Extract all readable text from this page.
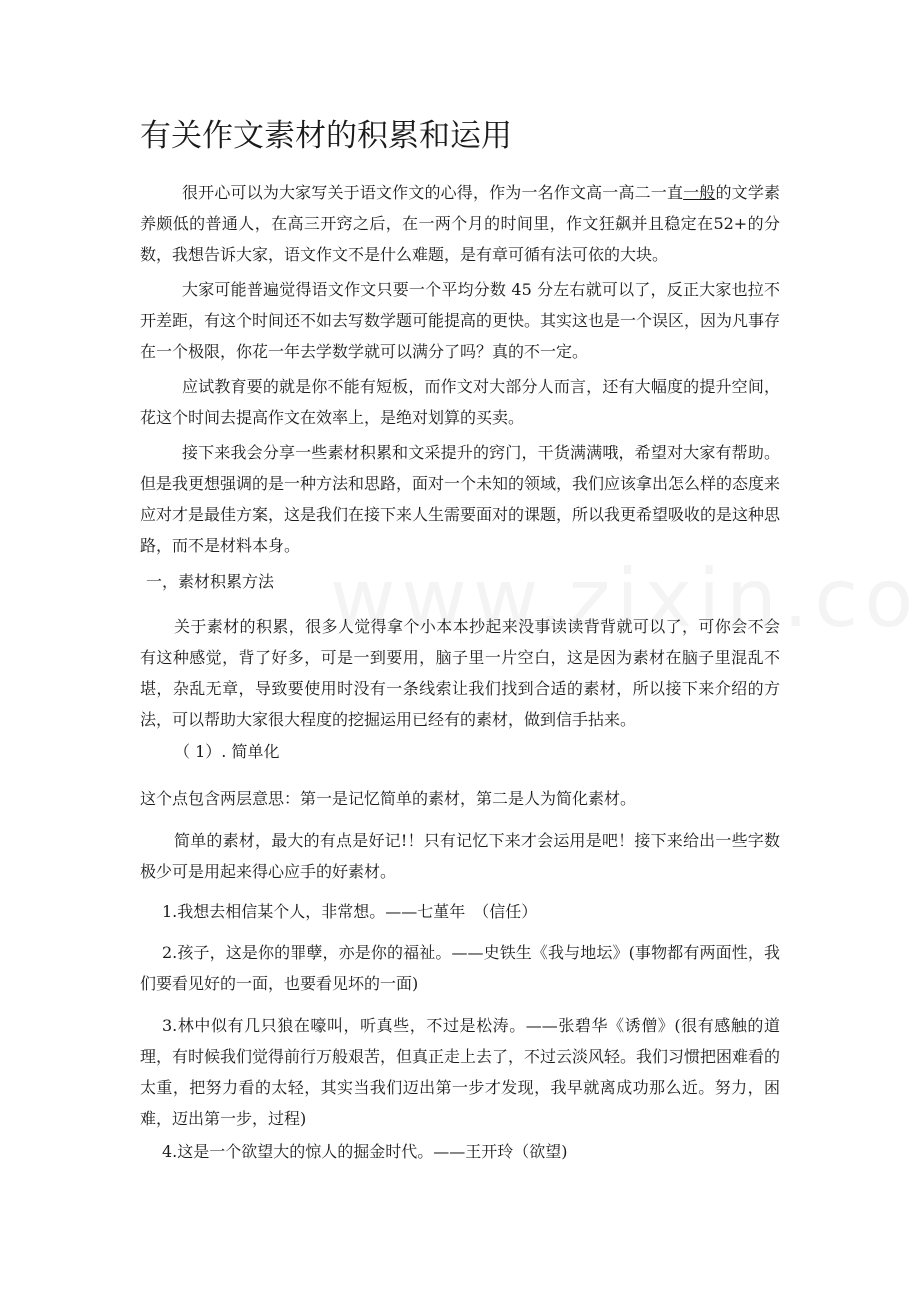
有关作文素材的积累和运用

很开心可以为大家写关于语文作文的心得，作为一名作文高一高二一直一般的文学素养颇低的普通人，在高三开窍之后，在一两个月的时间里，作文狂飙并且稳定在52+的分数，我想告诉大家，语文作文不是什么难题，是有章可循有法可依的大块。

大家可能普遍觉得语文作文只要一个平均分数 45 分左右就可以了，反正大家也拉不开差距，有这个时间还不如去写数学题可能提高的更快。其实这也是一个误区，因为凡事存在一个极限，你花一年去学数学就可以满分了吗？真的不一定。

应试教育要的就是你不能有短板，而作文对大部分人而言，还有大幅度的提升空间，花这个时间去提高作文在效率上，是绝对划算的买卖。

接下来我会分享一些素材积累和文采提升的窍门，干货满满哦，希望对大家有帮助。但是我更想强调的是一种方法和思路，面对一个未知的领域，我们应该拿出怎么样的态度来应对才是最佳方案，这是我们在接下来人生需要面对的课题，所以我更希望吸收的是这种思路，而不是材料本身。

一，素材积累方法

关于素材的积累，很多人觉得拿个小本本抄起来没事读读背背就可以了，可你会不会有这种感觉，背了好多，可是一到要用，脑子里一片空白，这是因为素材在脑子里混乱不堪，杂乱无章，导致要使用时没有一条线索让我们找到合适的素材，所以接下来介绍的方法，可以帮助大家很大程度的挖掘运用已经有的素材，做到信手拈来。

（ 1）. 简单化

这个点包含两层意思：第一是记忆简单的素材，第二是人为简化素材。

简单的素材，最大的有点是好记!！只有记忆下来才会运用是吧！接下来给出一些字数极少可是用起来得心应手的好素材。

1.我想去相信某个人，非常想。——七堇年　（信任）

2.孩子，这是你的罪孽，亦是你的福祉。——史铁生《我与地坛》(事物都有两面性，我们要看见好的一面，也要看见坏的一面)

3.林中似有几只狼在嚎叫，听真些，不过是松涛。——张碧华《诱僧》(很有感触的道理，有时候我们觉得前行万般艰苦，但真正走上去了，不过云淡风轻。我们习惯把困难看的太重，把努力看的太轻，其实当我们迈出第一步才发现，我早就离成功那么近。努力，困难，迈出第一步，过程)

4.这是一个欲望大的惊人的掘金时代。——王开玲（欲望)
